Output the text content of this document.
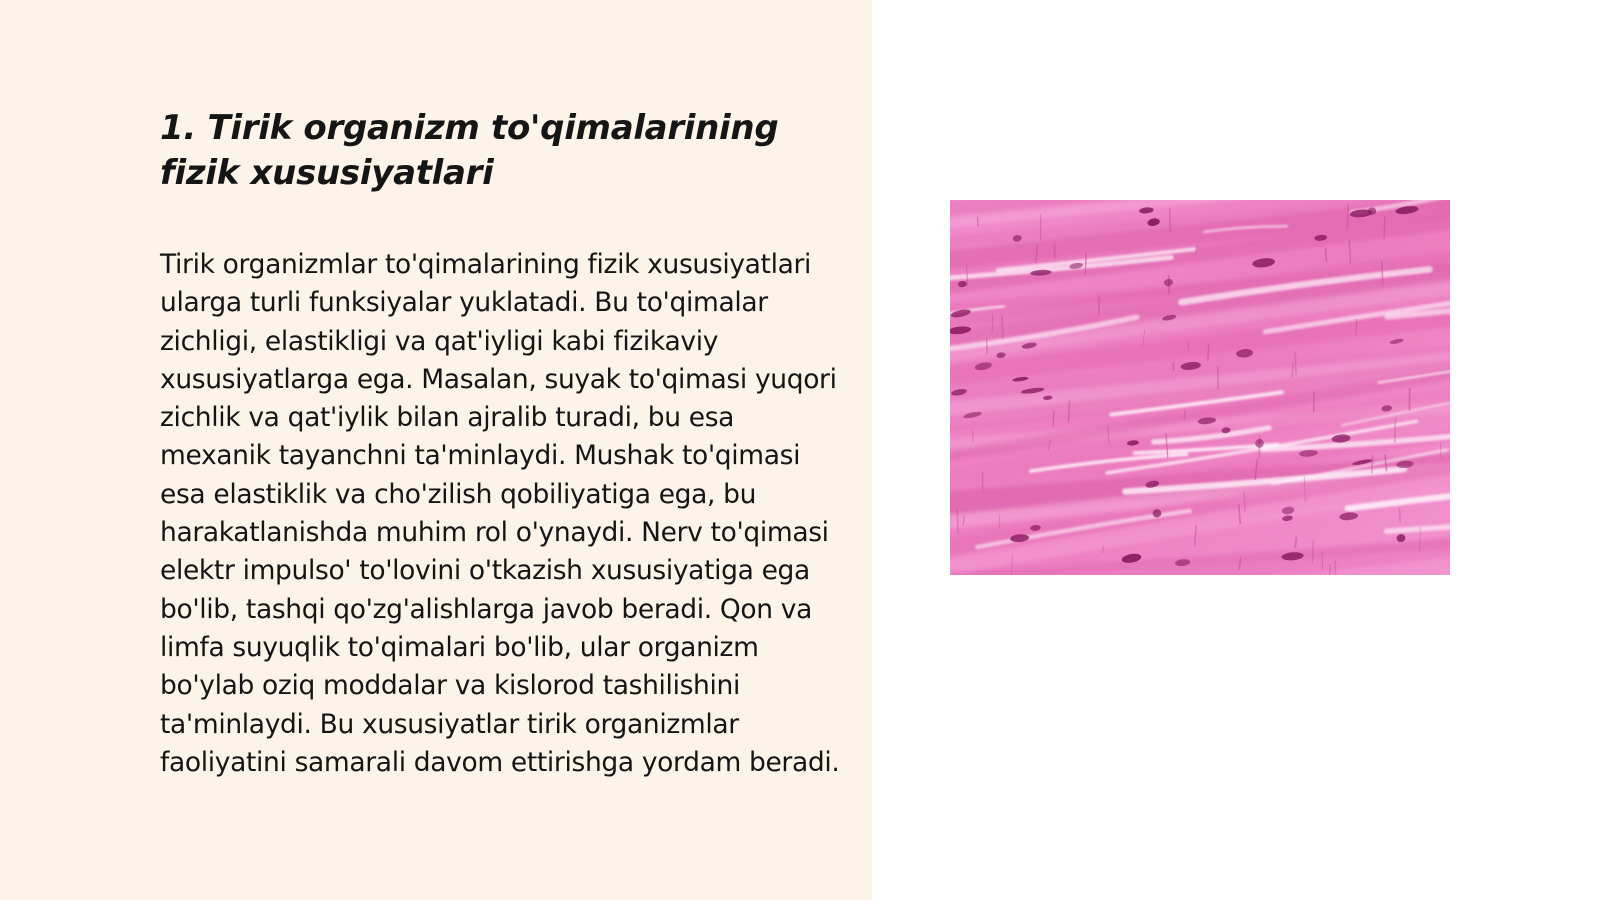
1. Tirik organizm to'qimalarining fizik xususiyatlari

Tirik organizmlar to'qimalarining fizik xususiyatlari ularga turli funksiyalar yuklatadi. Bu to'qimalar zichligi, elastikligi va qat'iyligi kabi fizikaviy xususiyatlarga ega. Masalan, suyak to'qimasi yuqori zichlik va qat'iylik bilan ajralib turadi, bu esa mexanik tayanchni ta'minlaydi. Mushak to'qimasi esa elastiklik va cho'zilish qobiliyatiga ega, bu harakatlanishda muhim rol o'ynaydi. Nerv to'qimasi elektr impulso' to'lovini o'tkazish xususiyatiga ega bo'lib, tashqi qo'zg'alishlarga javob beradi. Qon va limfa suyuqlik to'qimalari bo'lib, ular organizm bo'ylab oziq moddalar va kislorod tashilishini ta'minlaydi. Bu xususiyatlar tirik organizmlar faoliyatini samarali davom ettirishga yordam beradi.
